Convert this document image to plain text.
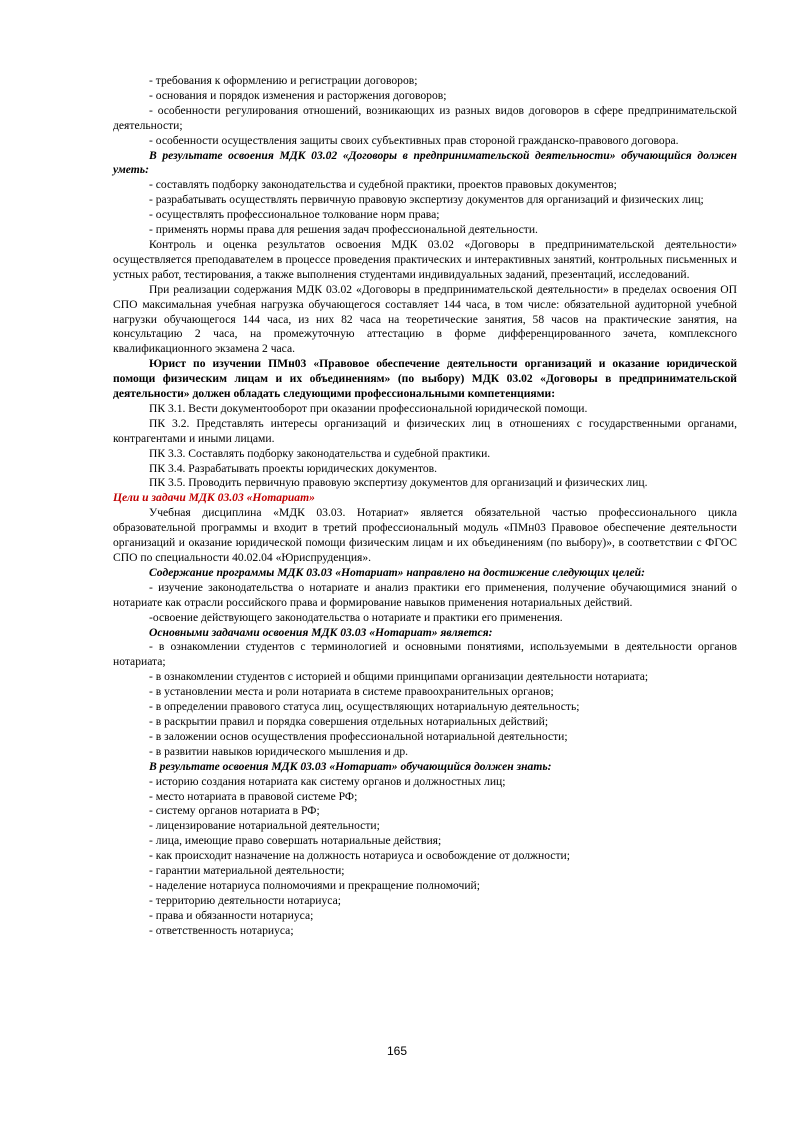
- требования к оформлению и регистрации договоров;

- основания и порядок изменения и расторжения договоров;

- особенности регулирования отношений, возникающих из разных видов договоров в сфере предпринимательской деятельности;

- особенности осуществления защиты своих субъективных прав стороной гражданско-правового договора.

В результате освоения МДК 03.02 «Договоры в предпринимательской деятельности» обучающийся должен уметь:

- составлять подборку законодательства и судебной практики, проектов правовых документов;

- разрабатывать осуществлять первичную правовую экспертизу документов для организаций и физических лиц;

- осуществлять профессиональное толкование норм права;

- применять нормы права для решения задач профессиональной деятельности.

Контроль и оценка результатов освоения МДК 03.02 «Договоры в предпринимательской деятельности» осуществляется преподавателем в процессе проведения практических и интерактивных занятий, контрольных письменных и устных работ, тестирования, а также выполнения студентами индивидуальных заданий, презентаций, исследований.

При реализации содержания МДК 03.02 «Договоры в предпринимательской деятельности» в пределах освоения ОП СПО максимальная учебная нагрузка обучающегося составляет 144 часа, в том числе: обязательной аудиторной учебной нагрузки обучающегося 144 часа, из них 82 часа на теоретические занятия, 58 часов на практические занятия, на консультацию 2 часа, на промежуточную аттестацию в форме дифференцированного зачета, комплексного квалификационного экзамена 2 часа.

Юрист по изучении ПМн03 «Правовое обеспечение деятельности организаций и оказание юридической помощи физическим лицам и их объединениям» (по выбору) МДК 03.02 «Договоры в предпринимательской деятельности» должен обладать следующими профессиональными компетенциями:

ПК 3.1. Вести документооборот при оказании профессиональной юридической помощи.

ПК 3.2. Представлять интересы организаций и физических лиц в отношениях с государственными органами, контрагентами и иными лицами.

ПК 3.3. Составлять подборку законодательства и судебной практики.

ПК 3.4. Разрабатывать проекты юридических документов.

ПК 3.5. Проводить первичную правовую экспертизу документов для организаций и физических лиц.

Цели и задачи МДК 03.03 «Нотариат»

Учебная дисциплина «МДК 03.03. Нотариат» является обязательной частью профессионального цикла образовательной программы и входит в третий профессиональный модуль «ПМн03 Правовое обеспечение деятельности организаций и оказание юридической помощи физическим лицам и их объединениям (по выбору)», в соответствии с ФГОС СПО по специальности 40.02.04 «Юриспруденция».

Содержание программы МДК 03.03 «Нотариат» направлено на достижение следующих целей:

- изучение законодательства о нотариате и анализ практики его применения, получение обучающимися знаний о нотариате как отрасли российского права и формирование навыков применения нотариальных действий.

-освоение действующего законодательства о нотариате и практики его применения.

Основными задачами освоения МДК 03.03 «Нотариат» является:

- в ознакомлении студентов с терминологией и основными понятиями, используемыми в деятельности органов нотариата;

- в ознакомлении студентов с историей и общими принципами организации деятельности нотариата;

- в установлении места и роли нотариата в системе правоохранительных органов;

- в определении правового статуса лиц, осуществляющих нотариальную деятельность;

- в раскрытии правил и порядка совершения отдельных нотариальных действий;

- в заложении основ осуществления профессиональной нотариальной деятельности;

- в развитии навыков юридического мышления и др.

В результате освоения МДК 03.03 «Нотариат» обучающийся должен знать:

- историю создания нотариата как систему органов и должностных лиц;

- место нотариата в правовой системе РФ;

- систему органов нотариата в РФ;

- лицензирование нотариальной деятельности;

- лица, имеющие право совершать нотариальные действия;

- как происходит назначение на должность нотариуса и освобождение от должности;

- гарантии материальной деятельности;

- наделение нотариуса полномочиями и прекращение полномочий;

- территорию деятельности нотариуса;

- права и обязанности нотариуса;

- ответственность нотариуса;

165
